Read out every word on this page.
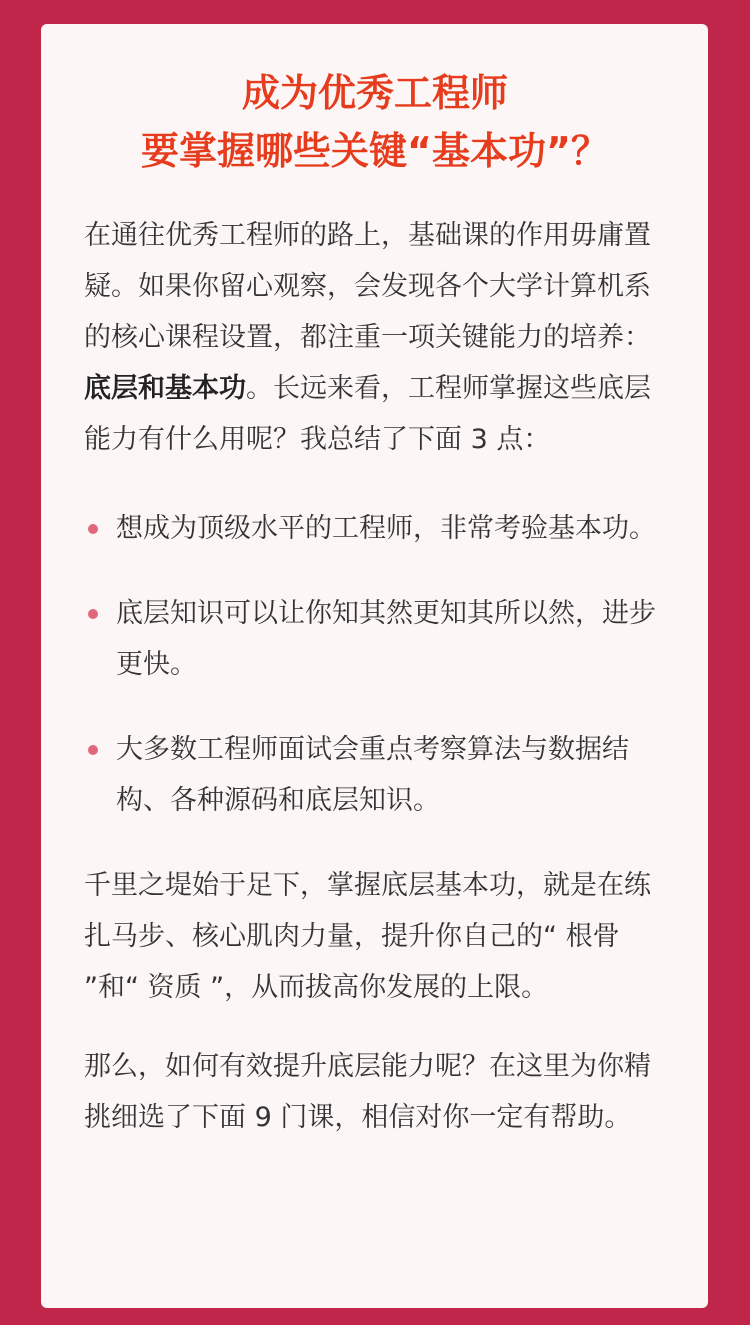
成为优秀工程师
要掌握哪些关键“基本功”？

在通往优秀工程师的路上，基础课的作用毋庸置疑。如果你留心观察，会发现各个大学计算机系的核心课程设置，都注重一项关键能力的培养：底层和基本功。长远来看，工程师掌握这些底层能力有什么用呢？我总结了下面 3 点：

想成为顶级水平的工程师，非常考验基本功。
底层知识可以让你知其然更知其所以然，进步更快。
大多数工程师面试会重点考察算法与数据结构、各种源码和底层知识。

千里之堤始于足下，掌握底层基本功，就是在练扎马步、核心肌肉力量，提升你自己的“ 根骨 ”和“ 资质 ”，从而拔高你发展的上限。

那么，如何有效提升底层能力呢？在这里为你精挑细选了下面 9 门课，相信对你一定有帮助。
